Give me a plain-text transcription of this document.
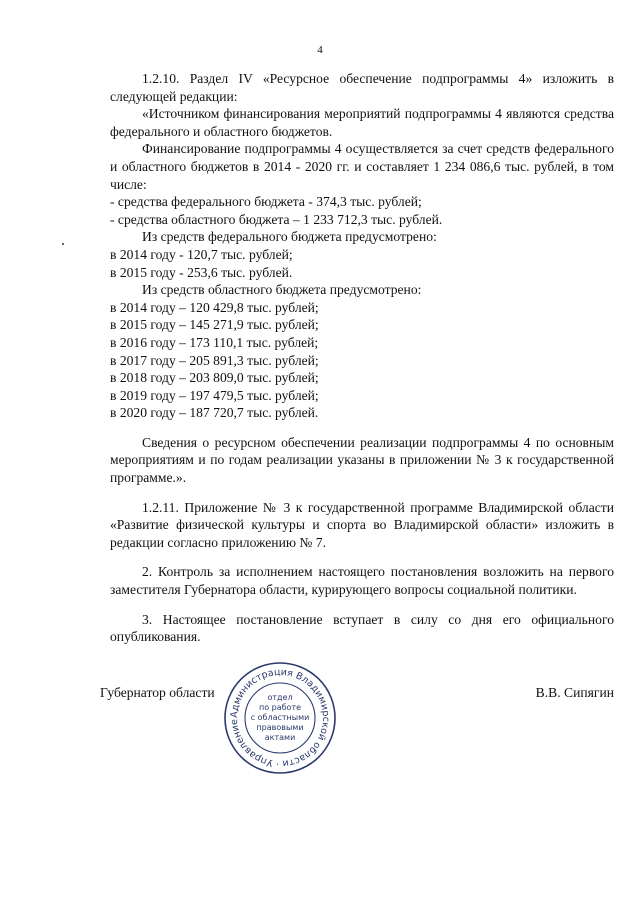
4

1.2.10. Раздел IV «Ресурсное обеспечение подпрограммы 4» изложить в следующей редакции:

«Источником финансирования мероприятий подпрограммы 4 являются средства федерального и областного бюджетов.

Финансирование подпрограммы 4 осуществляется за счет средств федерального и областного бюджетов в 2014 - 2020 гг. и составляет 1 234 086,6 тыс. рублей, в том числе:

- средства федерального бюджета - 374,3 тыс. рублей;

- средства областного бюджета – 1 233 712,3 тыс. рублей.

Из средств федерального бюджета предусмотрено:

в 2014 году - 120,7 тыс. рублей;

в 2015 году - 253,6 тыс. рублей.

Из средств областного бюджета предусмотрено:

в 2014 году – 120 429,8 тыс. рублей;

в 2015 году – 145 271,9 тыс. рублей;

в 2016 году – 173 110,1 тыс. рублей;

в 2017 году – 205 891,3 тыс. рублей;

в 2018 году – 203 809,0 тыс. рублей;

в 2019 году – 197 479,5 тыс. рублей;

в 2020 году – 187 720,7 тыс. рублей.

Сведения о ресурсном обеспечении реализации подпрограммы 4 по основным мероприятиям и по годам реализации указаны в приложении № 3 к государственной программе.».

1.2.11. Приложение № 3 к государственной программе Владимирской области «Развитие физической культуры и спорта во Владимирской области» изложить в редакции согласно приложению № 7.

2. Контроль за исполнением настоящего постановления возложить на первого заместителя Губернатора области, курирующего вопросы социальной политики.

3. Настоящее постановление вступает в силу со дня его официального опубликования.

Губернатор области	В.В. Сипягин
Администрация Владимирской области · Управление
отдел
по работе
с областными
правовыми
актами
